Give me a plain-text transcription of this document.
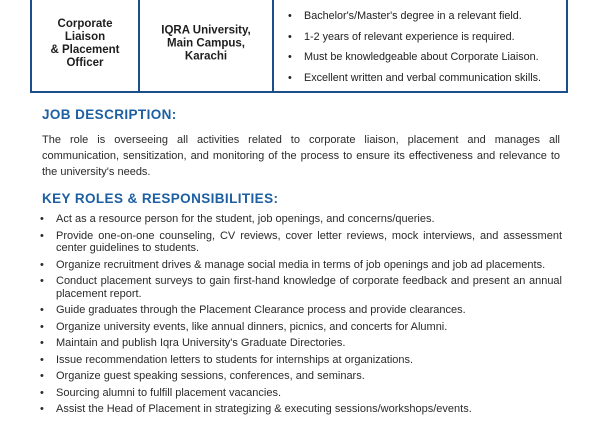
Corporate
Liaison
& Placement
Officer
IQRA University,
Main Campus,
Karachi
• Bachelor's/Master's degree in a relevant field.
• 1-2 years of relevant experience is required.
• Must be knowledgeable about Corporate Liaison.
• Excellent written and verbal communication skills.
JOB DESCRIPTION:

The role is overseeing all activities related to corporate liaison, placement and manages all communication, sensitization, and monitoring of the process to ensure its effectiveness and relevance to the university's needs.

KEY ROLES & RESPONSIBILITIES:
• Act as a resource person for the student, job openings, and concerns/queries.
• Provide one-on-one counseling, CV reviews, cover letter reviews, mock interviews, and assessment center guidelines to students.
• Organize recruitment drives & manage social media in terms of job openings and job ad placements.
• Conduct placement surveys to gain first-hand knowledge of corporate feedback and present an annual placement report.
• Guide graduates through the Placement Clearance process and provide clearances.
• Organize university events, like annual dinners, picnics, and concerts for Alumni.
• Maintain and publish Iqra University's Graduate Directories.
• Issue recommendation letters to students for internships at organizations.
• Organize guest speaking sessions, conferences, and seminars.
• Sourcing alumni to fulfill placement vacancies.
• Assist the Head of Placement in strategizing & executing sessions/workshops/events.
